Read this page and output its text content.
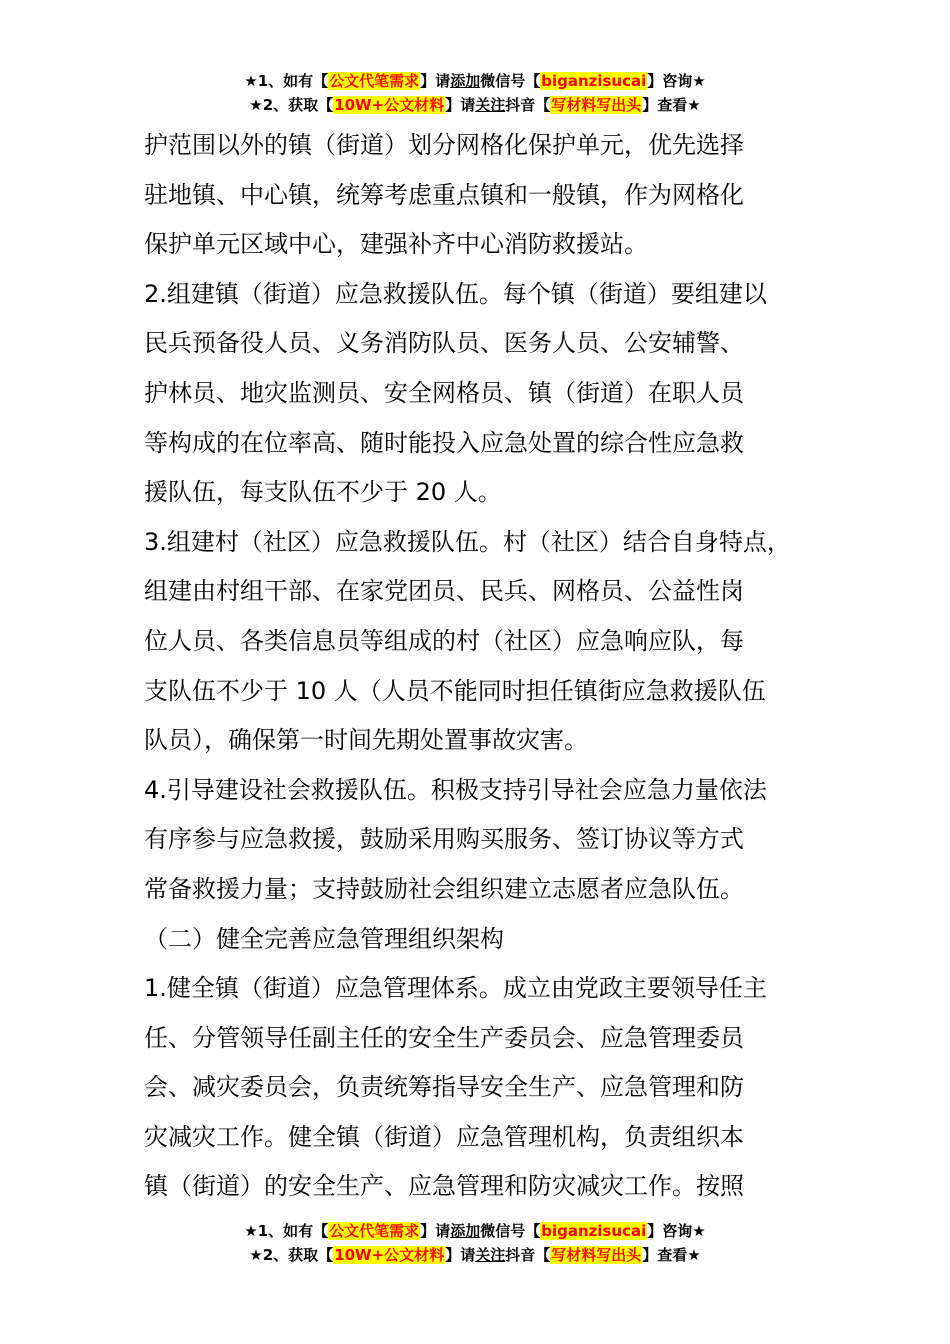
★1、如有【公文代笔需求】请添加微信号【biganzisucai】咨询★
★2、获取【10W+公文材料】请关注抖音【写材料写出头】查看★
护范围以外的镇（街道）划分网格化保护单元，优先选择
驻地镇、中心镇，统筹考虑重点镇和一般镇，作为网格化
保护单元区域中心，建强补齐中心消防救援站。
2.组建镇（街道）应急救援队伍。每个镇（街道）要组建以
民兵预备役人员、义务消防队员、医务人员、公安辅警、
护林员、地灾监测员、安全网格员、镇（街道）在职人员
等构成的在位率高、随时能投入应急处置的综合性应急救
援队伍，每支队伍不少于 20 人。
3.组建村（社区）应急救援队伍。村（社区）结合自身特点，
组建由村组干部、在家党团员、民兵、网格员、公益性岗
位人员、各类信息员等组成的村（社区）应急响应队，每
支队伍不少于 10 人（人员不能同时担任镇街应急救援队伍
队员），确保第一时间先期处置事故灾害。
4.引导建设社会救援队伍。积极支持引导社会应急力量依法
有序参与应急救援，鼓励采用购买服务、签订协议等方式
常备救援力量；支持鼓励社会组织建立志愿者应急队伍。
（二）健全完善应急管理组织架构
1.健全镇（街道）应急管理体系。成立由党政主要领导任主
任、分管领导任副主任的安全生产委员会、应急管理委员
会、减灾委员会，负责统筹指导安全生产、应急管理和防
灾减灾工作。健全镇（街道）应急管理机构，负责组织本
镇（街道）的安全生产、应急管理和防灾减灾工作。按照
★1、如有【公文代笔需求】请添加微信号【biganzisucai】咨询★
★2、获取【10W+公文材料】请关注抖音【写材料写出头】查看★
